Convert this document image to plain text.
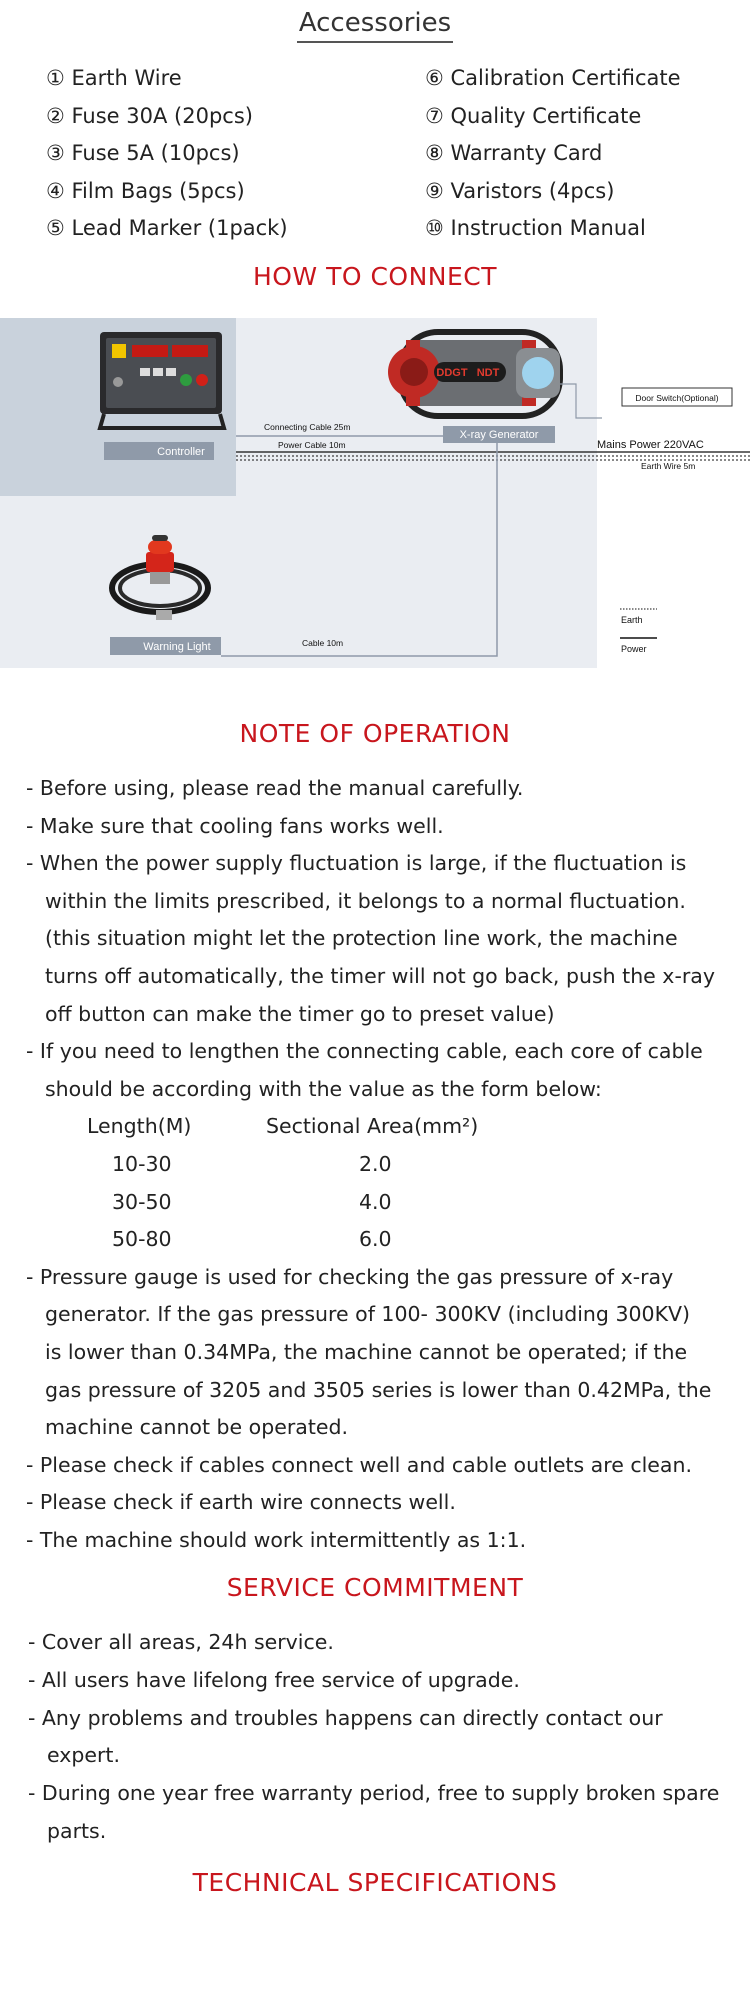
Accessories
① Earth Wire
② Fuse 30A (20pcs)
③ Fuse 5A (10pcs)
④ Film Bags (5pcs)
⑤ Lead Marker (1pack)
⑥ Calibration Certificate
⑦ Quality Certificate
⑧ Warranty Card
⑨ Varistors (4pcs)
⑩ Instruction Manual
HOW TO CONNECT
Controller
DDGT NDT
X-ray Generator
Connecting Cable 25m
Power Cable 10m	Mains Power 220VAC
Earth Wire 5m
Door Switch(Optional)
Cable 10m
Warning Light
Earth
Power
NOTE OF OPERATION
- Before using, please read the manual carefully.
- Make sure that cooling fans works well.
- When the power supply fluctuation is large, if the fluctuation is
within the limits prescribed, it belongs to a normal fluctuation.
(this situation might let the protection line work, the machine
turns off automatically, the timer will not go back, push the x-ray
off button can make the timer go to preset value)
- If you need to lengthen the connecting cable, each core of cable
should be according with the value as the form below:
Length(M)	Sectional Area(mm²)
10-30	2.0
30-50	4.0
50-80	6.0
- Pressure gauge is used for checking the gas pressure of x-ray
generator. If the gas pressure of 100- 300KV (including 300KV)
is lower than 0.34MPa, the machine cannot be operated; if the
gas pressure of 3205 and 3505 series is lower than 0.42MPa, the
machine cannot be operated.
- Please check if cables connect well and cable outlets are clean.
- Please check if earth wire connects well.
- The machine should work intermittently as 1:1.
SERVICE COMMITMENT
- Cover all areas, 24h service.
- All users have lifelong free service of upgrade.
- Any problems and troubles happens can directly contact our
expert.
- During one year free warranty period, free to supply broken spare
parts.
TECHNICAL SPECIFICATIONS
